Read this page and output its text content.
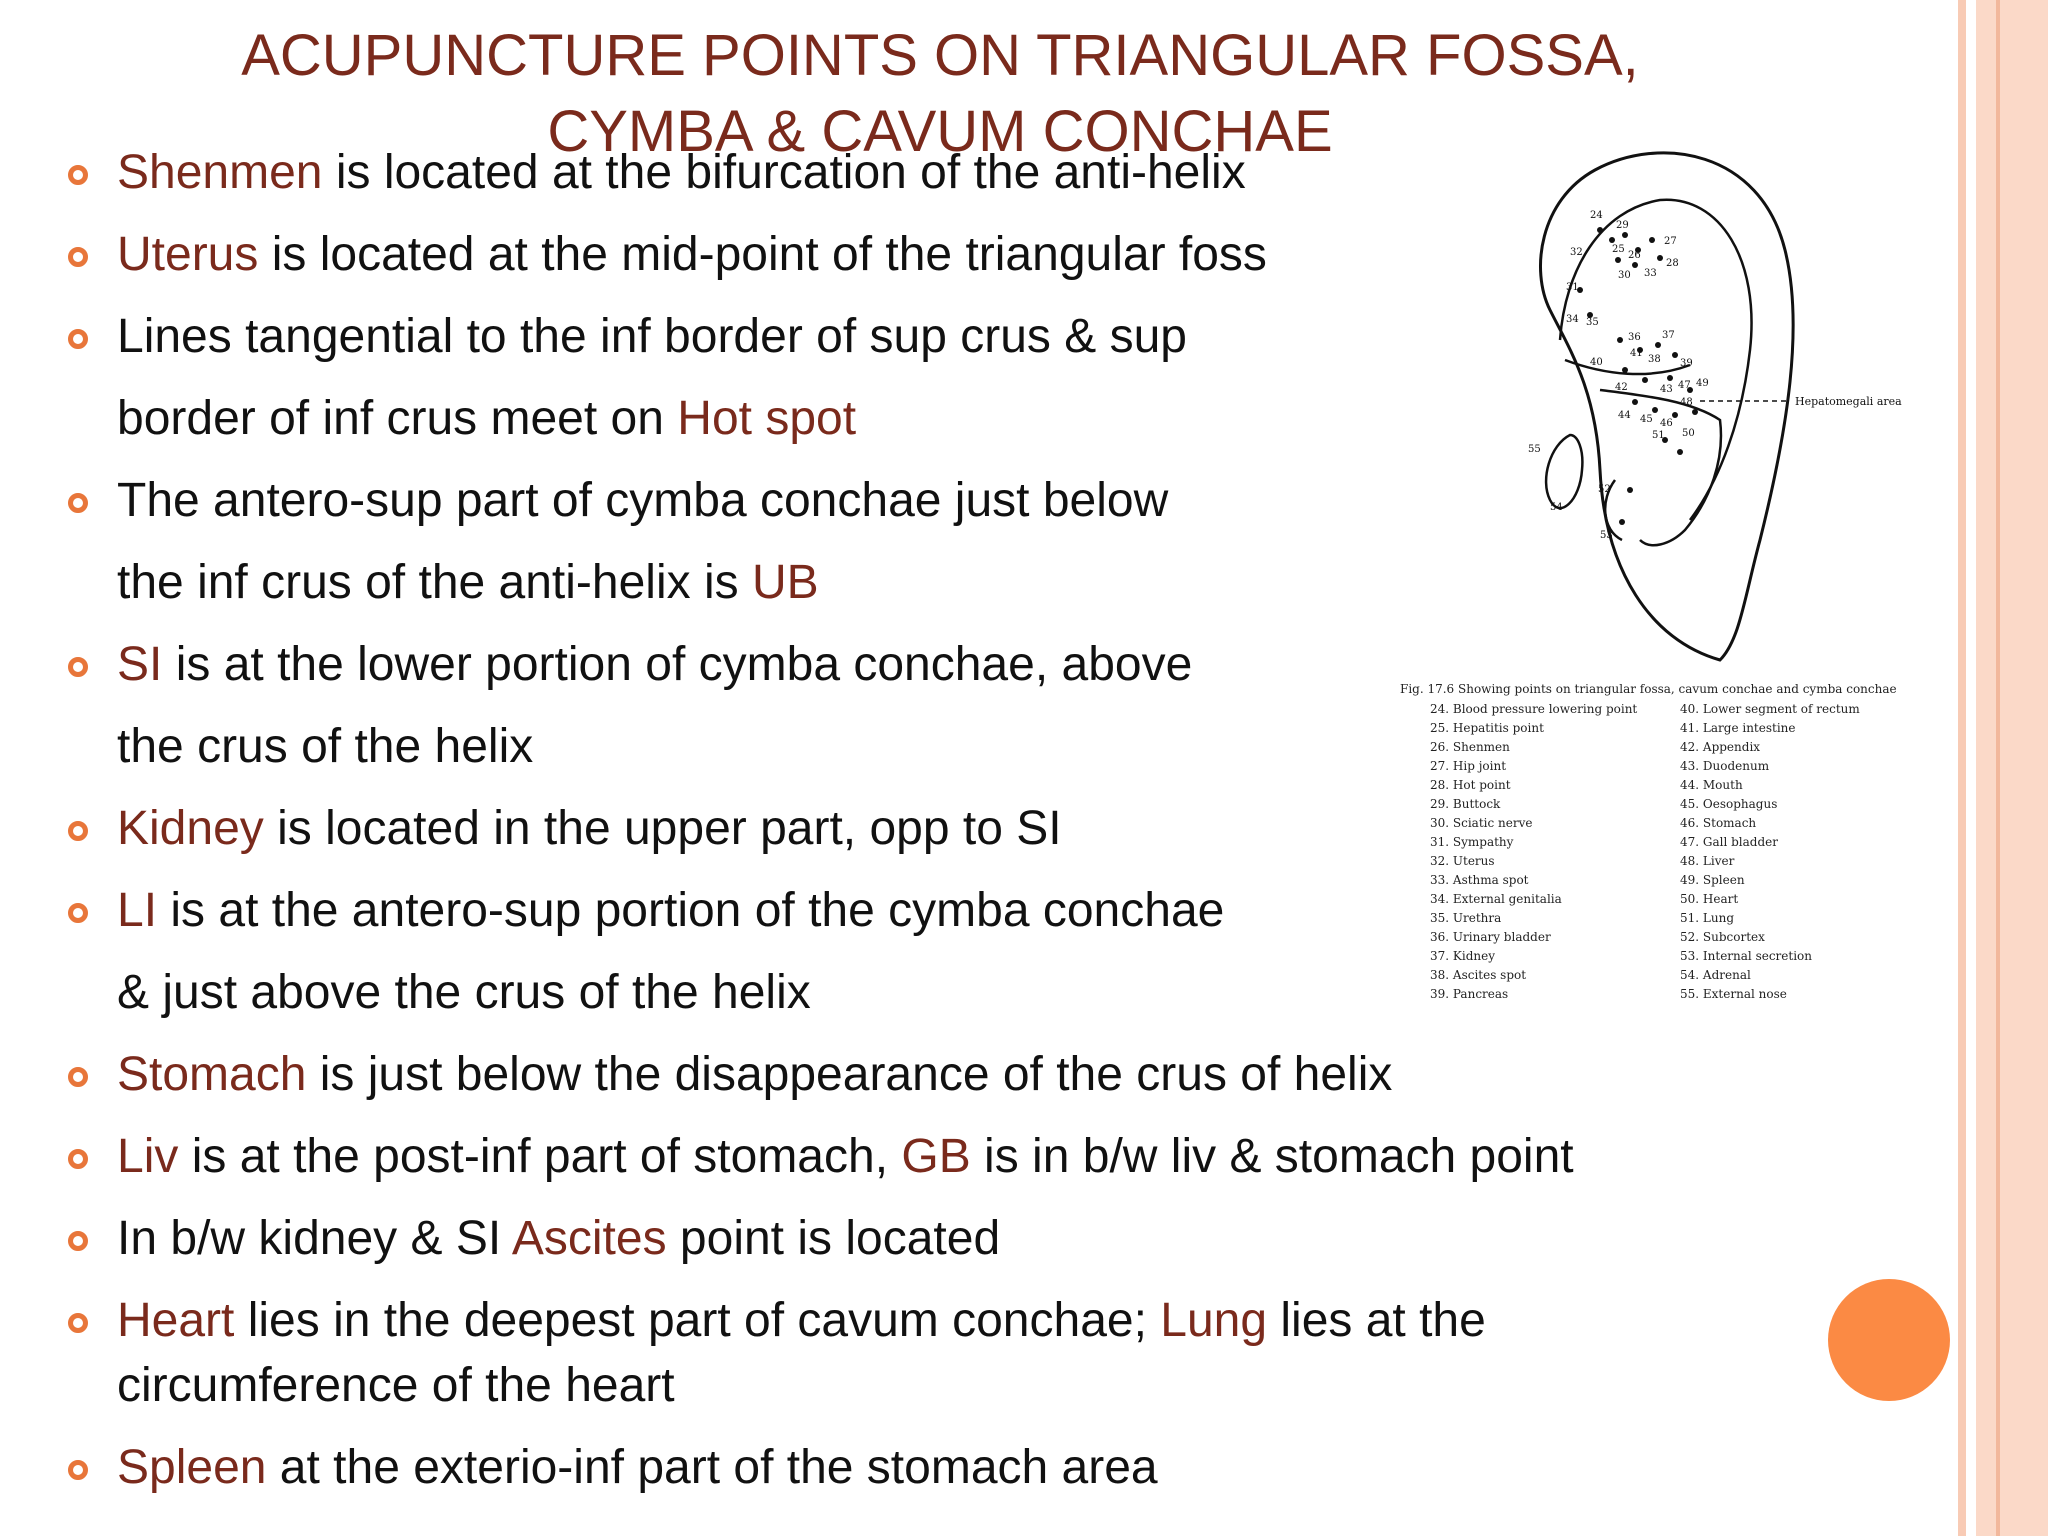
ACUPUNCTURE POINTS ON TRIANGULAR FOSSA,
CYMBA & CAVUM CONCHAE
Shenmen is located at the bifurcation of the anti-helix
Uterus is located at the mid-point of the triangular foss
Lines tangential to the inf border of sup crus & sup
border of inf crus meet on Hot spot
The antero-sup part of cymba conchae just below
the inf crus of the anti-helix is UB
SI is at the lower portion of cymba conchae, above
the crus of the helix
Kidney is located in the upper part, opp to SI
LI is at the antero-sup portion of the cymba conchae
& just above the crus of the helix
Stomach is just below the disappearance of the crus of helix
Liv is at the post-inf part of stomach, GB is in b/w liv & stomach point
In b/w kidney & SI Ascites point is located
Heart lies in the deepest part of cavum conchae; Lung lies at the
circumference of the heart
Spleen at the exterio-inf part of the stomach area
24
25
26
27
28
29
30
31
32
33
34 35
36 37
38 39
40
41
42	43
44 45 46
47
48
49
50
51
52
53
54
55
Hepatomegali area
Fig. 17.6 Showing points on triangular fossa, cavum conchae and cymba conchae
24. Blood pressure lowering point
25. Hepatitis point
26. Shenmen
27. Hip joint
28. Hot point
29. Buttock
30. Sciatic nerve
31. Sympathy
32. Uterus
33. Asthma spot
34. External genitalia
35. Urethra
36. Urinary bladder
37. Kidney
38. Ascites spot
39. Pancreas
40. Lower segment of rectum
41. Large intestine
42. Appendix
43. Duodenum
44. Mouth
45. Oesophagus
46. Stomach
47. Gall bladder
48. Liver
49. Spleen
50. Heart
51. Lung
52. Subcortex
53. Internal secretion
54. Adrenal
55. External nose
